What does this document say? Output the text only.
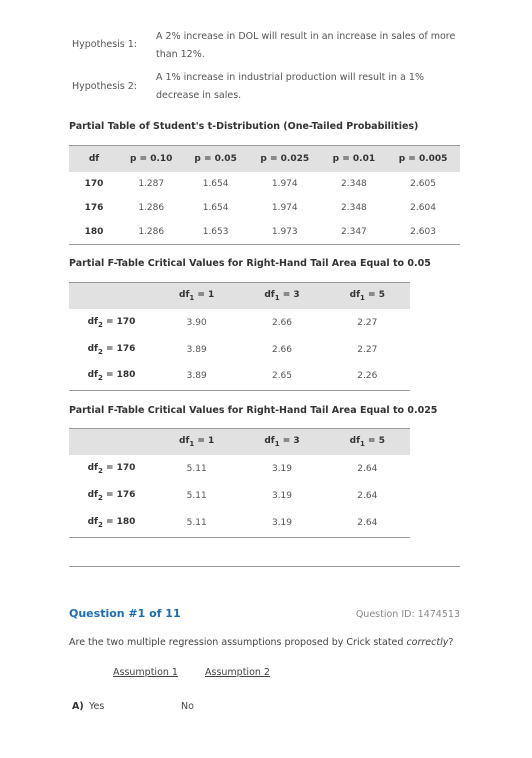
Hypothesis 1:
A 2% increase in DOL will result in an increase in sales of more than 12%.
Hypothesis 2:
A 1% increase in industrial production will result in a 1% decrease in sales.
Partial Table of Student's t-Distribution (One-Tailed Probabilities)
df	p = 0.10	p = 0.05	p = 0.025	p = 0.01	p = 0.005
170	1.287	1.654	1.974	2.348	2.605
176	1.286	1.654	1.974	2.348	2.604
180	1.286	1.653	1.973	2.347	2.603
Partial F-Table Critical Values for Right-Hand Tail Area Equal to 0.05
	$df_1 = 1$	$df_1 = 3$	$df_1 = 5$
$df_2 = 170$	3.90	2.66	2.27
$df_2 = 176$	3.89	2.66	2.27
$df_2 = 180$	3.89	2.65	2.26
Partial F-Table Critical Values for Right-Hand Tail Area Equal to 0.025
	$df_1 = 1$	$df_1 = 3$	$df_1 = 5$
$df_2 = 170$	5.11	3.19	2.64
$df_2 = 176$	5.11	3.19	2.64
$df_2 = 180$	5.11	3.19	2.64
Question #1 of 11	Question ID: 1474513
Are the two multiple regression assumptions proposed by Crick stated correctly?
Assumption 1	Assumption 2
A) Yes	No
